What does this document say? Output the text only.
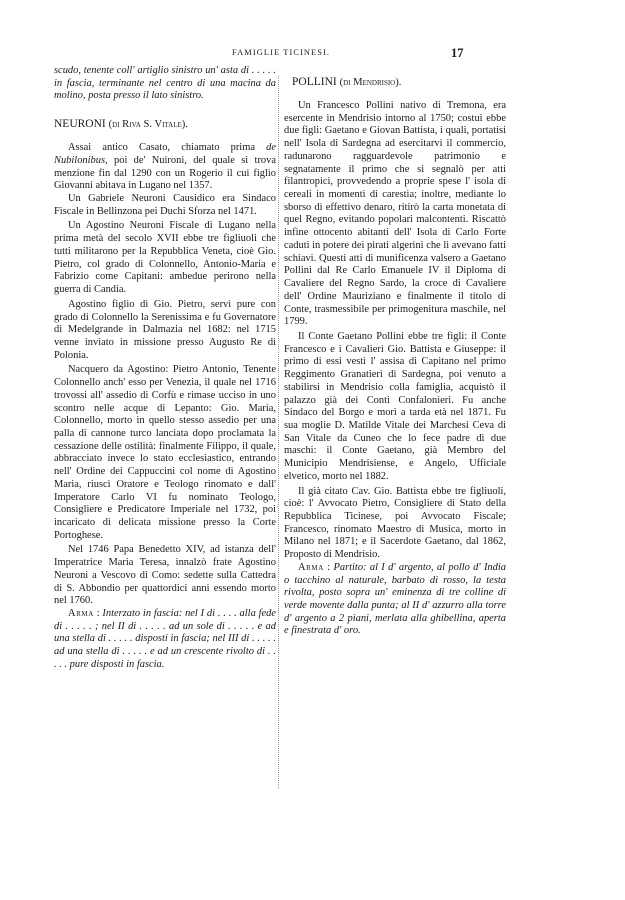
FAMIGLIE TICINESI.	17

scudo, tenente coll' artiglio sinistro un' asta di . . . . . in fascia, terminante nel centro di una macina da molino, posta presso il lato sinistro.

NEURONI (di Riva S. Vitale).

Assai antico Casato, chiamato prima de Nubilonibus, poi de' Nuironi, del quale si trova menzione fin dal 1290 con un Rogerio il cui figlio Giovanni abitava in Lugano nel 1357.

Un Gabriele Neuroni Causidico era Sindaco Fiscale in Bellinzona pei Duchi Sforza nel 1471.

Un Agostino Neuroni Fiscale di Lugano nella prima metà del secolo XVII ebbe tre figliuoli che tutti militarono per la Repubblica Veneta, cioè Gio. Pietro, col grado di Colonnello, Antonio-Maria e Fabrizio come Capitani: ambedue perirono nella guerra di Candia.

Agostino figlio di Gio. Pietro, servì pure con grado di Colonnello la Serenissima e fu Governatore di Medelgrande in Dalmazia nel 1682: nel 1715 venne inviato in missione presso Augusto Re di Polonia.

Nacquero da Agostino: Pietro Antonio, Tenente Colonnello anch' esso per Venezia, il quale nel 1716 trovossi all' assedio di Corfù e rimase ucciso in uno scontro nelle acque di Lepanto: Gio. Maria, Colonnello, morto in quello stesso assedio per una palla di cannone turco lanciata dopo proclamata la cessazione delle ostilità: finalmente Filippo, il quale, abbracciato invece lo stato ecclesiastico, entrando nell' Ordine dei Cappuccini col nome di Agostino Maria, riuscì Oratore e Teologo rinomato e dall' Imperatore Carlo VI fu nominato Teologo, Consigliere e Predicatore Imperiale nel 1732, poi incaricato di delicata missione presso la Corte Portoghese.

Nel 1746 Papa Benedetto XIV, ad istanza dell' Imperatrice Maria Teresa, innalzò frate Agostino Neuroni a Vescovo di Como: sedette sulla Cattedra di S. Abbondio per quattordici anni essendo morto nel 1760.

Arma : Interzato in fascia: nel I di . . . . alla fede di . . . . . ; nel II di . . . . . ad un sole di . . . . . e ad una stella di . . . . . disposti in fascia; nel III di . . . . . ad una stella di . . . . . e ad un crescente rivolto di . . . . . pure disposti in fascia.

POLLINI (di Mendrisio).

Un Francesco Pollini nativo di Tremona, era esercente in Mendrisio intorno al 1750; costui ebbe due figli: Gaetano e Giovan Battista, i quali, portatisi nell' Isola di Sardegna ad esercitarvi il commercio, radunarono ragguardevole patrimonio e segnatamente il primo che si segnalò per atti filantropici, provvedendo a proprie spese l' isola di cereali in momenti di carestia; inoltre, mediante lo sborso di effettivo denaro, ritirò la carta monetata di quel Regno, evitando popolari malcontenti. Riscattò infine ottocento abitanti dell' Isola di Carlo Forte caduti in potere dei pirati algerini che li avevano fatti schiavi. Questi atti di munificenza valsero a Gaetano Pollini dal Re Carlo Emanuele IV il Diploma di Cavaliere del Regno Sardo, la croce di Cavaliere dell' Ordine Mauriziano e finalmente il titolo di Conte, trasmessibile per primogenitura maschile, nel 1799.

Il Conte Gaetano Pollini ebbe tre figli: il Conte Francesco e i Cavalieri Gio. Battista e Giuseppe: il primo di essi vestì l' assisa di Capitano nel primo Reggimento Granatieri di Sardegna, poi venuto a stabilirsi in Mendrisio colla famiglia, acquistò il palazzo già dei Conti Confalonieri. Fu anche Sindaco del Borgo e morì a tarda età nel 1871. Fu sua moglie D. Matilde Vitale dei Marchesi Ceva di San Vitale da Cuneo che lo fece padre di due maschi: il Conte Gaetano, già Membro del Municipio Mendrisiense, e Angelo, Ufficiale elvetico, morto nel 1882.

Il già citato Cav. Gio. Battista ebbe tre figliuoli, cioè: l' Avvocato Pietro, Consigliere di Stato della Repubblica Ticinese, poi Avvocato Fiscale; Francesco, rinomato Maestro di Musica, morto in Milano nel 1871; e il Sacerdote Gaetano, dal 1862, Proposto di Mendrisio.

Arma : Partito: al I d' argento, al pollo d' India o tacchino al naturale, barbato di rosso, la testa rivolta, posto sopra un' eminenza di tre colline di verde movente dalla punta; al II d' azzurro alla torre d' argento a 2 piani, merlata alla ghibellina, aperta e finestrata d' oro.
